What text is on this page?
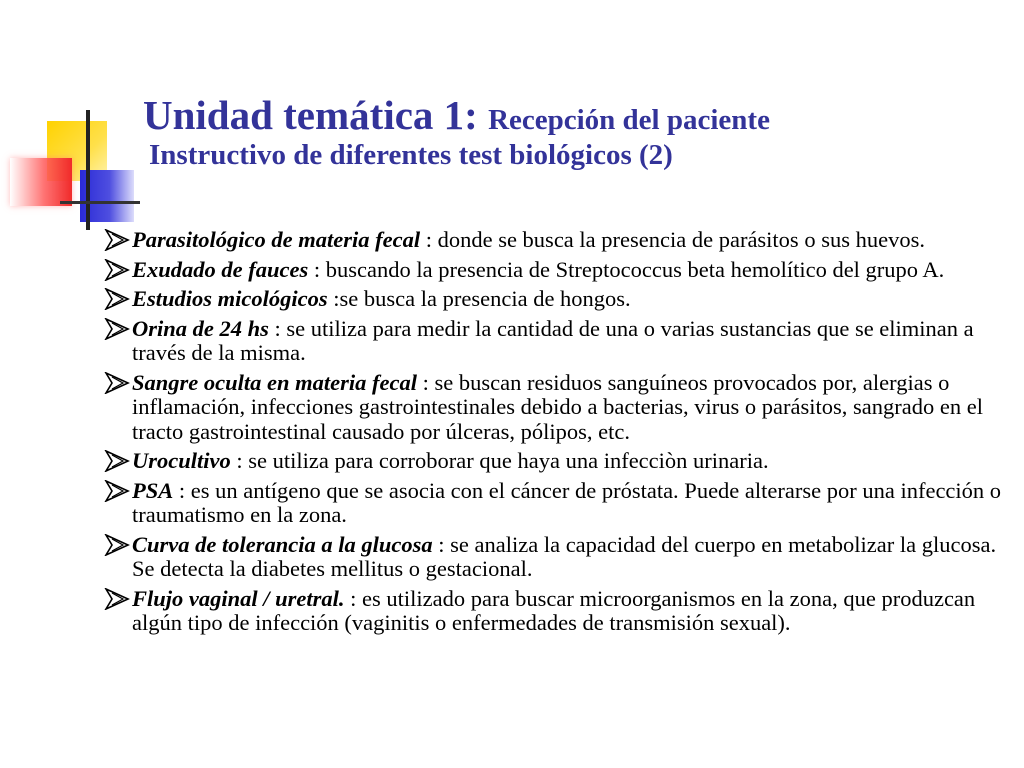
Unidad temática 1: Recepción del paciente
Instructivo de diferentes test biológicos (2)
Parasitológico de materia fecal : donde se busca la presencia de parásitos o sus huevos.
Exudado de fauces : buscando la presencia de Streptococcus beta hemolítico del grupo A.
Estudios micológicos :se busca la presencia de hongos.
Orina de 24 hs : se utiliza para medir la cantidad de una o varias sustancias que se eliminan a través de la misma.
Sangre oculta en materia fecal : se buscan residuos sanguíneos provocados por, alergias o inflamación, infecciones gastrointestinales debido a bacterias, virus o parásitos, sangrado en el tracto gastrointestinal causado por úlceras, pólipos, etc.
Urocultivo : se utiliza para corroborar que haya una infecciòn urinaria.
PSA : es un antígeno que se asocia con el cáncer de próstata. Puede alterarse por una infección o traumatismo en la zona.
Curva de tolerancia a la glucosa : se analiza la capacidad del cuerpo en metabolizar la glucosa. Se detecta la diabetes mellitus o gestacional.
Flujo vaginal / uretral. : es utilizado para buscar microorganismos en la zona, que produzcan algún tipo de infección (vaginitis o enfermedades de transmisión sexual).
